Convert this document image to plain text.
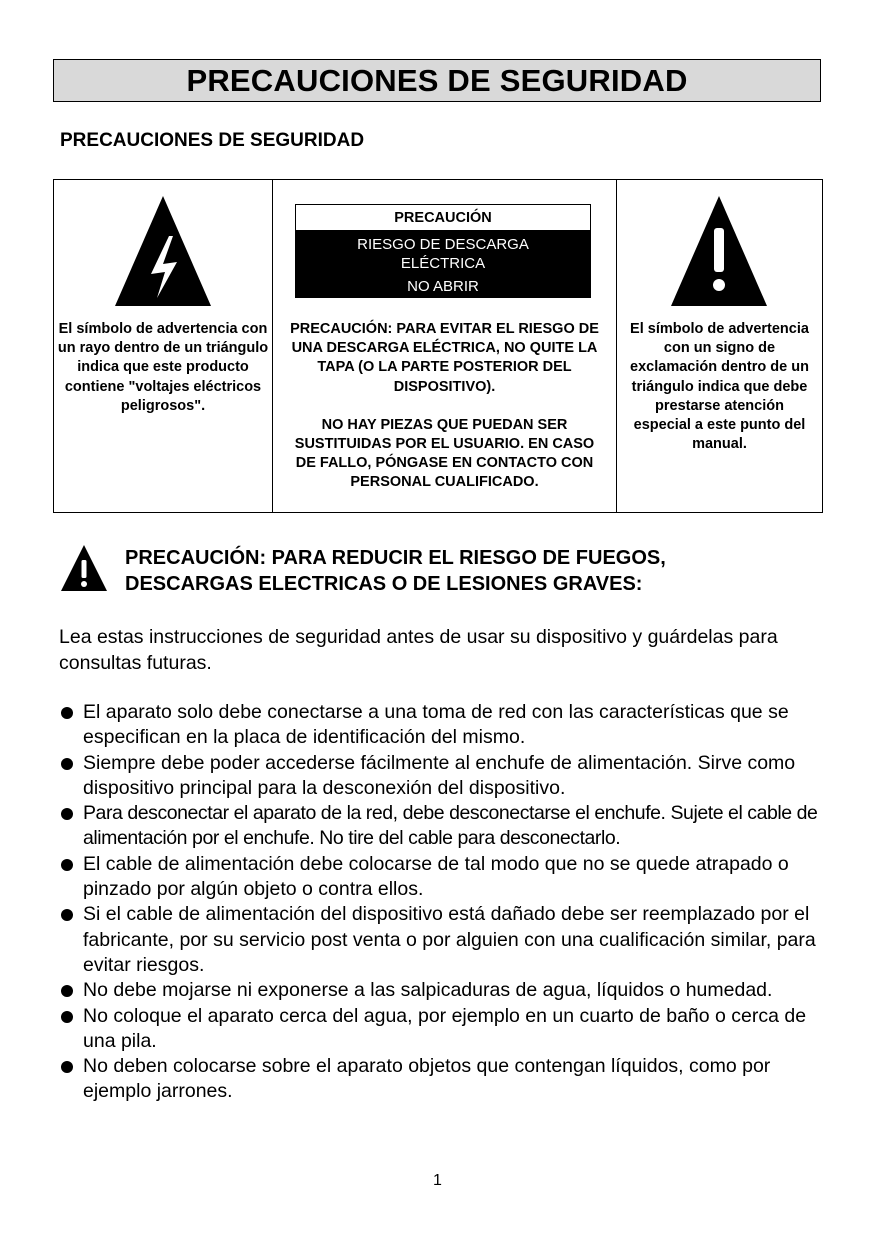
PRECAUCIONES DE SEGURIDAD
PRECAUCIONES DE SEGURIDAD
El símbolo de advertencia con un rayo dentro de un triángulo indica que este producto contiene "voltajes eléctricos peligrosos".
PRECAUCIÓN
RIESGO DE DESCARGA ELÉCTRICA
NO ABRIR
PRECAUCIÓN: PARA EVITAR EL RIESGO DE UNA DESCARGA ELÉCTRICA, NO QUITE LA TAPA (O LA PARTE POSTERIOR DEL DISPOSITIVO).
NO HAY PIEZAS QUE PUEDAN SER SUSTITUIDAS POR EL USUARIO. EN CASO DE FALLO, PÓNGASE EN CONTACTO CON PERSONAL CUALIFICADO.
El símbolo de advertencia con un signo de exclamación dentro de un triángulo indica que debe prestarse atención especial a este punto del manual.
PRECAUCIÓN: PARA REDUCIR EL RIESGO DE FUEGOS,
DESCARGAS ELECTRICAS O DE LESIONES GRAVES:
Lea estas instrucciones de seguridad antes de usar su dispositivo y guárdelas para consultas futuras.
El aparato solo debe conectarse a una toma de red con las características que se especifican en la placa de identificación del mismo.
Siempre debe poder accederse fácilmente al enchufe de alimentación. Sirve como dispositivo principal para la desconexión del dispositivo.
Para desconectar el aparato de la red, debe desconectarse el enchufe. Sujete el cable de alimentación por el enchufe. No tire del cable para desconectarlo.
El cable de alimentación debe colocarse de tal modo que no se quede atrapado o pinzado por algún objeto o contra ellos.
Si el cable de alimentación del dispositivo está dañado debe ser reemplazado por el fabricante, por su servicio post venta o por alguien con una cualificación similar, para evitar riesgos.
No debe mojarse ni exponerse a las salpicaduras de agua, líquidos o humedad.
No coloque el aparato cerca del agua, por ejemplo en un cuarto de baño o cerca de una pila.
No deben colocarse sobre el aparato objetos que contengan líquidos, como por ejemplo jarrones.
1
